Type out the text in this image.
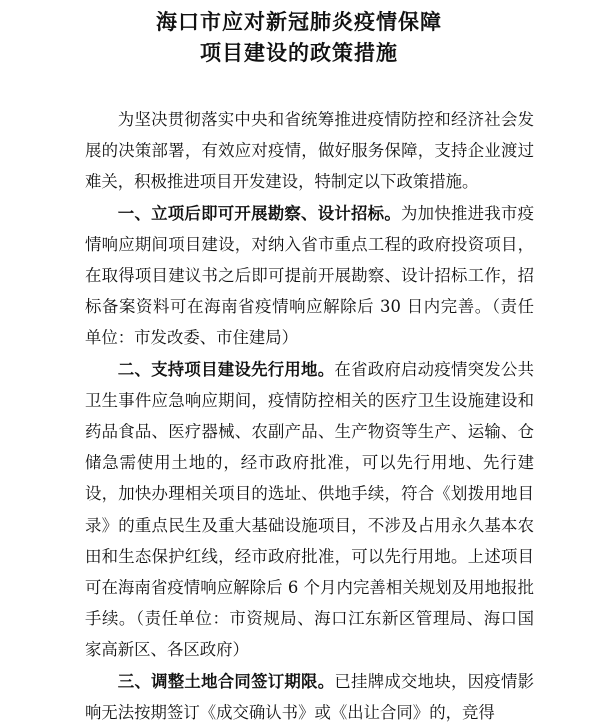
海口市应对新冠肺炎疫情保障
项目建设的政策措施

为坚决贯彻落实中央和省统筹推进疫情防控和经济社会发展的决策部署，有效应对疫情，做好服务保障，支持企业渡过难关，积极推进项目开发建设，特制定以下政策措施。

一、立项后即可开展勘察、设计招标。为加快推进我市疫情响应期间项目建设，对纳入省市重点工程的政府投资项目，在取得项目建议书之后即可提前开展勘察、设计招标工作，招标备案资料可在海南省疫情响应解除后 30 日内完善。（责任单位：市发改委、市住建局）

二、支持项目建设先行用地。在省政府启动疫情突发公共卫生事件应急响应期间，疫情防控相关的医疗卫生设施建设和药品食品、医疗器械、农副产品、生产物资等生产、运输、仓储急需使用土地的，经市政府批准，可以先行用地、先行建设，加快办理相关项目的选址、供地手续，符合《划拨用地目录》的重点民生及重大基础设施项目，不涉及占用永久基本农田和生态保护红线，经市政府批准，可以先行用地。上述项目可在海南省疫情响应解除后 6 个月内完善相关规划及用地报批手续。（责任单位：市资规局、海口江东新区管理局、海口国家高新区、各区政府）

三、调整土地合同签订期限。已挂牌成交地块，因疫情影响无法按期签订《成交确认书》或《出让合同》的，竞得
